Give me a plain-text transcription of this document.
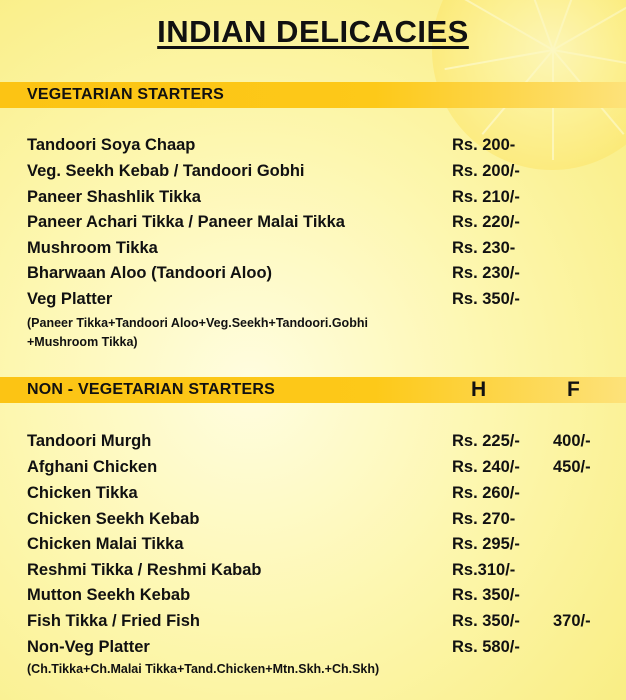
INDIAN DELICACIES
VEGETARIAN STARTERS
Tandoori Soya Chaap	Rs. 200-
Veg. Seekh Kebab / Tandoori Gobhi	Rs. 200/-
Paneer Shashlik Tikka	Rs. 210/-
Paneer Achari Tikka / Paneer Malai Tikka	Rs. 220/-
Mushroom Tikka	Rs. 230-
Bharwaan Aloo (Tandoori Aloo)	Rs. 230/-
Veg Platter	Rs. 350/-
(Paneer Tikka+Tandoori Aloo+Veg.Seekh+Tandoori.Gobhi
+Mushroom Tikka)
NON - VEGETARIAN STARTERS	H	F
Tandoori Murgh	Rs. 225/- 400/-
Afghani Chicken	Rs. 240/- 450/-
Chicken Tikka	Rs. 260/-
Chicken Seekh Kebab	Rs. 270-
Chicken Malai Tikka	Rs. 295/-
Reshmi Tikka / Reshmi Kabab	Rs.310/-
Mutton Seekh Kebab	Rs. 350/-
Fish Tikka / Fried Fish	Rs. 350/- 370/-
Non-Veg Platter	Rs. 580/-
(Ch.Tikka+Ch.Malai Tikka+Tand.Chicken+Mtn.Skh.+Ch.Skh)
